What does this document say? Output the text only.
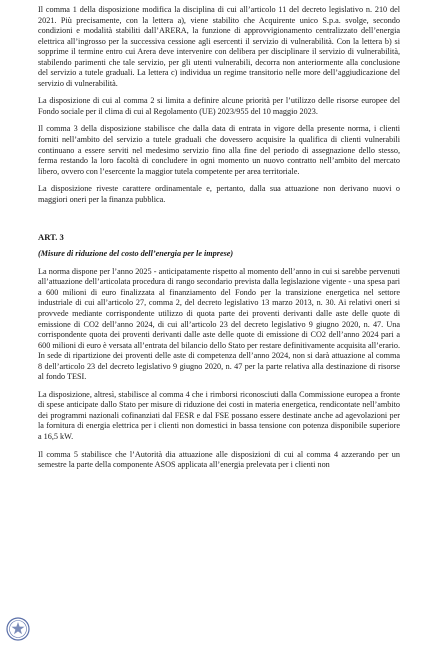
Il comma 1 della disposizione modifica la disciplina di cui all’articolo 11 del decreto legislativo n. 210 del 2021. Più precisamente, con la lettera a), viene stabilito che Acquirente unico S.p.a. svolge, secondo condizioni e modalità stabiliti dall’ARERA, la funzione di approvvigionamento centralizzato dell’energia elettrica all’ingrosso per la successiva cessione agli esercenti il servizio di vulnerabilità. Con la lettera b) si sopprime il termine entro cui Arera deve intervenire con delibera per disciplinare il servizio di vulnerabilità, stabilendo parimenti che tale servizio, per gli utenti vulnerabili, decorra non anteriormente alla conclusione del servizio a tutele graduali. La lettera c) individua un regime transitorio nelle more dell’aggiudicazione del servizio di vulnerabilità.

La disposizione di cui al comma 2 si limita a definire alcune priorità per l’utilizzo delle risorse europee del Fondo sociale per il clima di cui al Regolamento (UE) 2023/955 del 10 maggio 2023.

Il comma 3 della disposizione stabilisce che dalla data di entrata in vigore della presente norma, i clienti forniti nell’ambito del servizio a tutele graduali che dovessero acquisire la qualifica di clienti vulnerabili continuano a essere serviti nel medesimo servizio fino alla fine del periodo di assegnazione dello stesso, ferma restando la loro facoltà di concludere in ogni momento un nuovo contratto nell’ambito del mercato libero, ovvero con l’esercente la maggior tutela competente per area territoriale.

La disposizione riveste carattere ordinamentale e, pertanto, dalla sua attuazione non derivano nuovi o maggiori oneri per la finanza pubblica.

ART. 3

(Misure di riduzione del costo dell’energia per le imprese)

La norma dispone per l’anno 2025 - anticipatamente rispetto al momento dell’anno in cui si sarebbe pervenuti all’attuazione dell’articolata procedura di rango secondario prevista dalla legislazione vigente - una spesa pari a 600 milioni di euro finalizzata al finanziamento del Fondo per la transizione energetica nel settore industriale di cui all’articolo 27, comma 2, del decreto legislativo 13 marzo 2013, n. 30. Ai relativi oneri si provvede mediante corrispondente utilizzo di quota parte dei proventi derivanti dalle aste delle quote di emissione di CO2 dell’anno 2024, di cui all’articolo 23 del decreto legislativo 9 giugno 2020, n. 47. Una corrispondente quota dei proventi derivanti dalle aste delle quote di emissione di CO2 dell’anno 2024 pari a 600 milioni di euro è versata all’entrata del bilancio dello Stato per restare definitivamente acquisita all’erario. In sede di ripartizione dei proventi delle aste di competenza dell’anno 2024, non si darà attuazione al comma 8 dell’articolo 23 del decreto legislativo 9 giugno 2020, n. 47 per la parte relativa alla destinazione di risorse al fondo TESI.

La disposizione, altresì, stabilisce al comma 4 che i rimborsi riconosciuti dalla Commissione europea a fronte di spese anticipate dallo Stato per misure di riduzione dei costi in materia energetica, rendicontate nell’ambito dei programmi nazionali cofinanziati dal FESR e dal FSE possano essere destinate anche ad agevolazioni per la fornitura di energia elettrica per i clienti non domestici in bassa tensione con potenza disponibile superiore a 16,5 kW.

Il comma 5 stabilisce che l’Autorità dia attuazione alle disposizioni di cui al comma 4 azzerando per un semestre la parte della componente ASOS applicata all’energia prelevata per i clienti non
